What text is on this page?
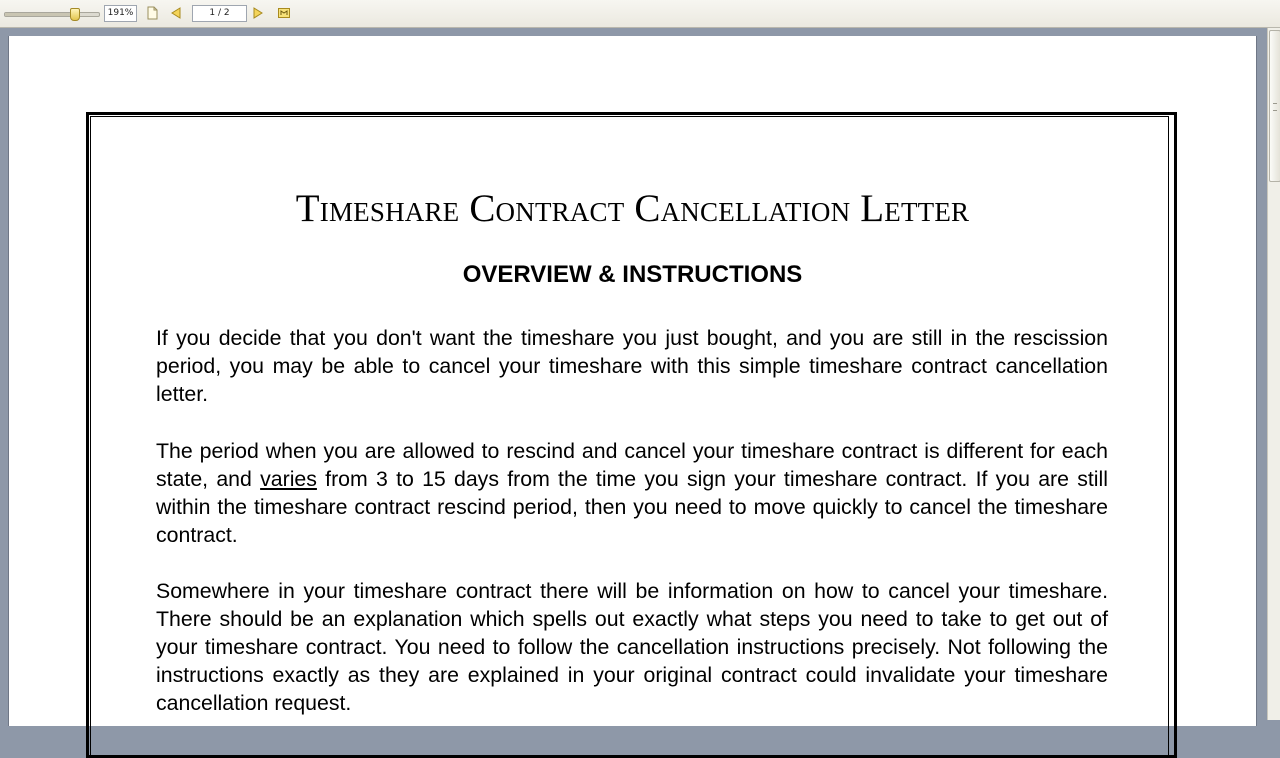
191%	1 / 2
Timeshare Contract Cancellation Letter
OVERVIEW & INSTRUCTIONS

If you decide that you don't want the timeshare you just bought, and you are still in the rescission period, you may be able to cancel your timeshare with this simple timeshare contract cancellation letter.

The period when you are allowed to rescind and cancel your timeshare contract is different for each state, and varies from 3 to 15 days from the time you sign your timeshare contract. If you are still within the timeshare contract rescind period, then you need to move quickly to cancel the timeshare contract.

Somewhere in your timeshare contract there will be information on how to cancel your timeshare. There should be an explanation which spells out exactly what steps you need to take to get out of your timeshare contract. You need to follow the cancellation instructions precisely. Not following the instructions exactly as they are explained in your original contract could invalidate your timeshare cancellation request.
